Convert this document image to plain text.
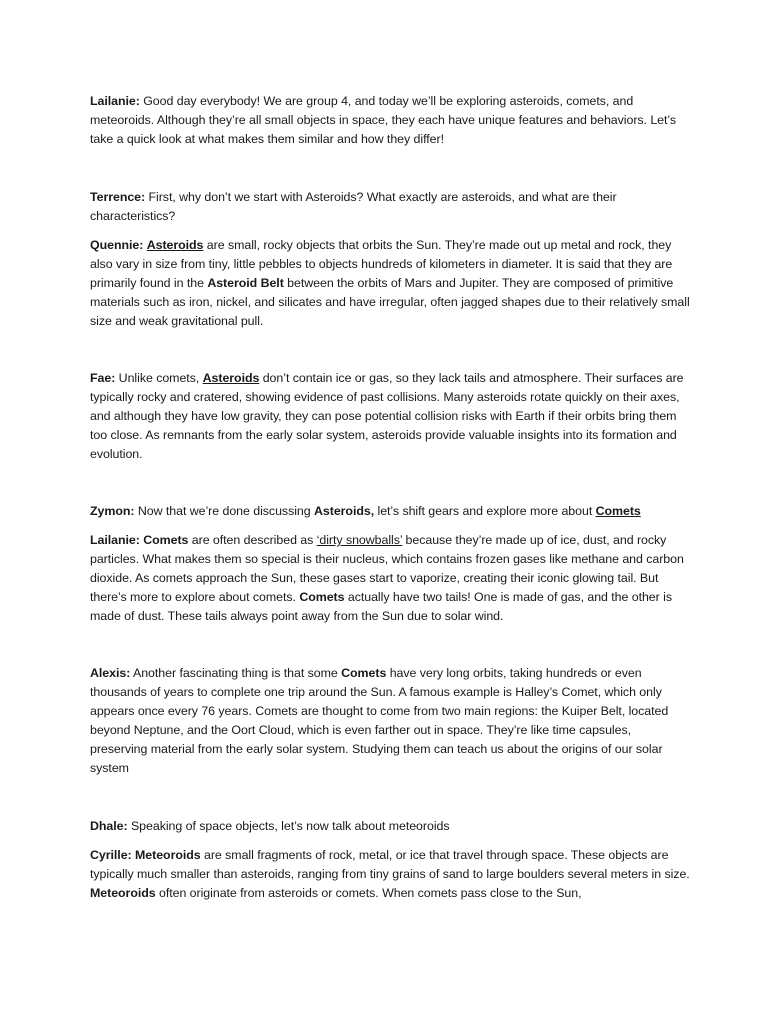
Lailanie: Good day everybody! We are group 4, and today we’ll be exploring asteroids, comets, and meteoroids. Although they’re all small objects in space, they each have unique features and behaviors. Let’s take a quick look at what makes them similar and how they differ!

Terrence: First, why don’t we start with Asteroids? What exactly are asteroids, and what are their characteristics?

Quennie: Asteroids are small, rocky objects that orbits the Sun. They’re made out up metal and rock, they also vary in size from tiny, little pebbles to objects hundreds of kilometers in diameter. It is said that they are primarily found in the Asteroid Belt between the orbits of Mars and Jupiter. They are composed of primitive materials such as iron, nickel, and silicates and have irregular, often jagged shapes due to their relatively small size and weak gravitational pull.

Fae: Unlike comets, Asteroids don’t contain ice or gas, so they lack tails and atmosphere. Their surfaces are typically rocky and cratered, showing evidence of past collisions. Many asteroids rotate quickly on their axes, and although they have low gravity, they can pose potential collision risks with Earth if their orbits bring them too close. As remnants from the early solar system, asteroids provide valuable insights into its formation and evolution.

Zymon: Now that we’re done discussing Asteroids, let’s shift gears and explore more about Comets

Lailanie: Comets are often described as ‘dirty snowballs’ because they’re made up of ice, dust, and rocky particles. What makes them so special is their nucleus, which contains frozen gases like methane and carbon dioxide. As comets approach the Sun, these gases start to vaporize, creating their iconic glowing tail. But there’s more to explore about comets. Comets actually have two tails! One is made of gas, and the other is made of dust. These tails always point away from the Sun due to solar wind.

Alexis: Another fascinating thing is that some Comets have very long orbits, taking hundreds or even thousands of years to complete one trip around the Sun. A famous example is Halley’s Comet, which only appears once every 76 years. Comets are thought to come from two main regions: the Kuiper Belt, located beyond Neptune, and the Oort Cloud, which is even farther out in space. They’re like time capsules, preserving material from the early solar system. Studying them can teach us about the origins of our solar system

Dhale: Speaking of space objects, let’s now talk about meteoroids

Cyrille: Meteoroids are small fragments of rock, metal, or ice that travel through space. These objects are typically much smaller than asteroids, ranging from tiny grains of sand to large boulders several meters in size. Meteoroids often originate from asteroids or comets. When comets pass close to the Sun,
